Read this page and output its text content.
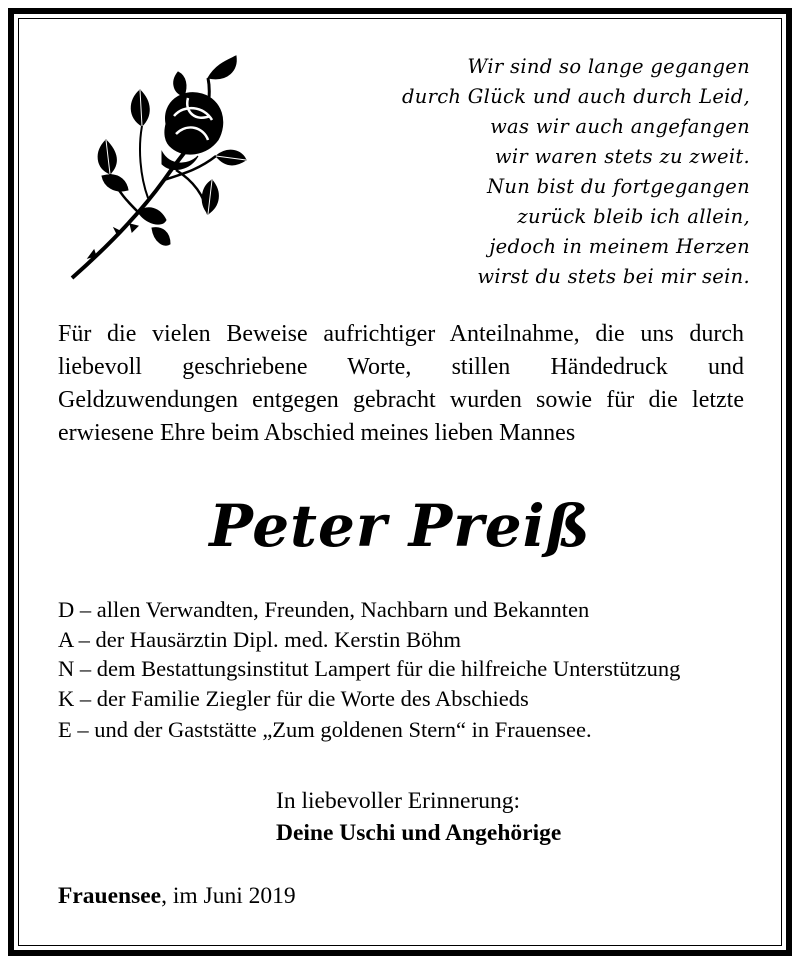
Wir sind so lange gegangen
durch Glück und auch durch Leid,
was wir auch angefangen
wir waren stets zu zweit.
Nun bist du fortgegangen
zurück bleib ich allein,
jedoch in meinem Herzen
wirst du stets bei mir sein.
Für die vielen Beweise aufrichtiger Anteilnahme, die uns durch liebevoll geschriebene Worte, stillen Händedruck und Geldzuwendungen entgegen gebracht wurden sowie für die letzte erwiesene Ehre beim Abschied meines lieben Mannes
Peter Preiß
D – allen Verwandten, Freunden, Nachbarn und Bekannten
A – der Hausärztin Dipl. med. Kerstin Böhm
N – dem Bestattungsinstitut Lampert für die hilfreiche Unterstützung
K – der Familie Ziegler für die Worte des Abschieds
E – und der Gaststätte „Zum goldenen Stern“ in Frauensee.
In liebevoller Erinnerung:
Deine Uschi und Angehörige
Frauensee, im Juni 2019
